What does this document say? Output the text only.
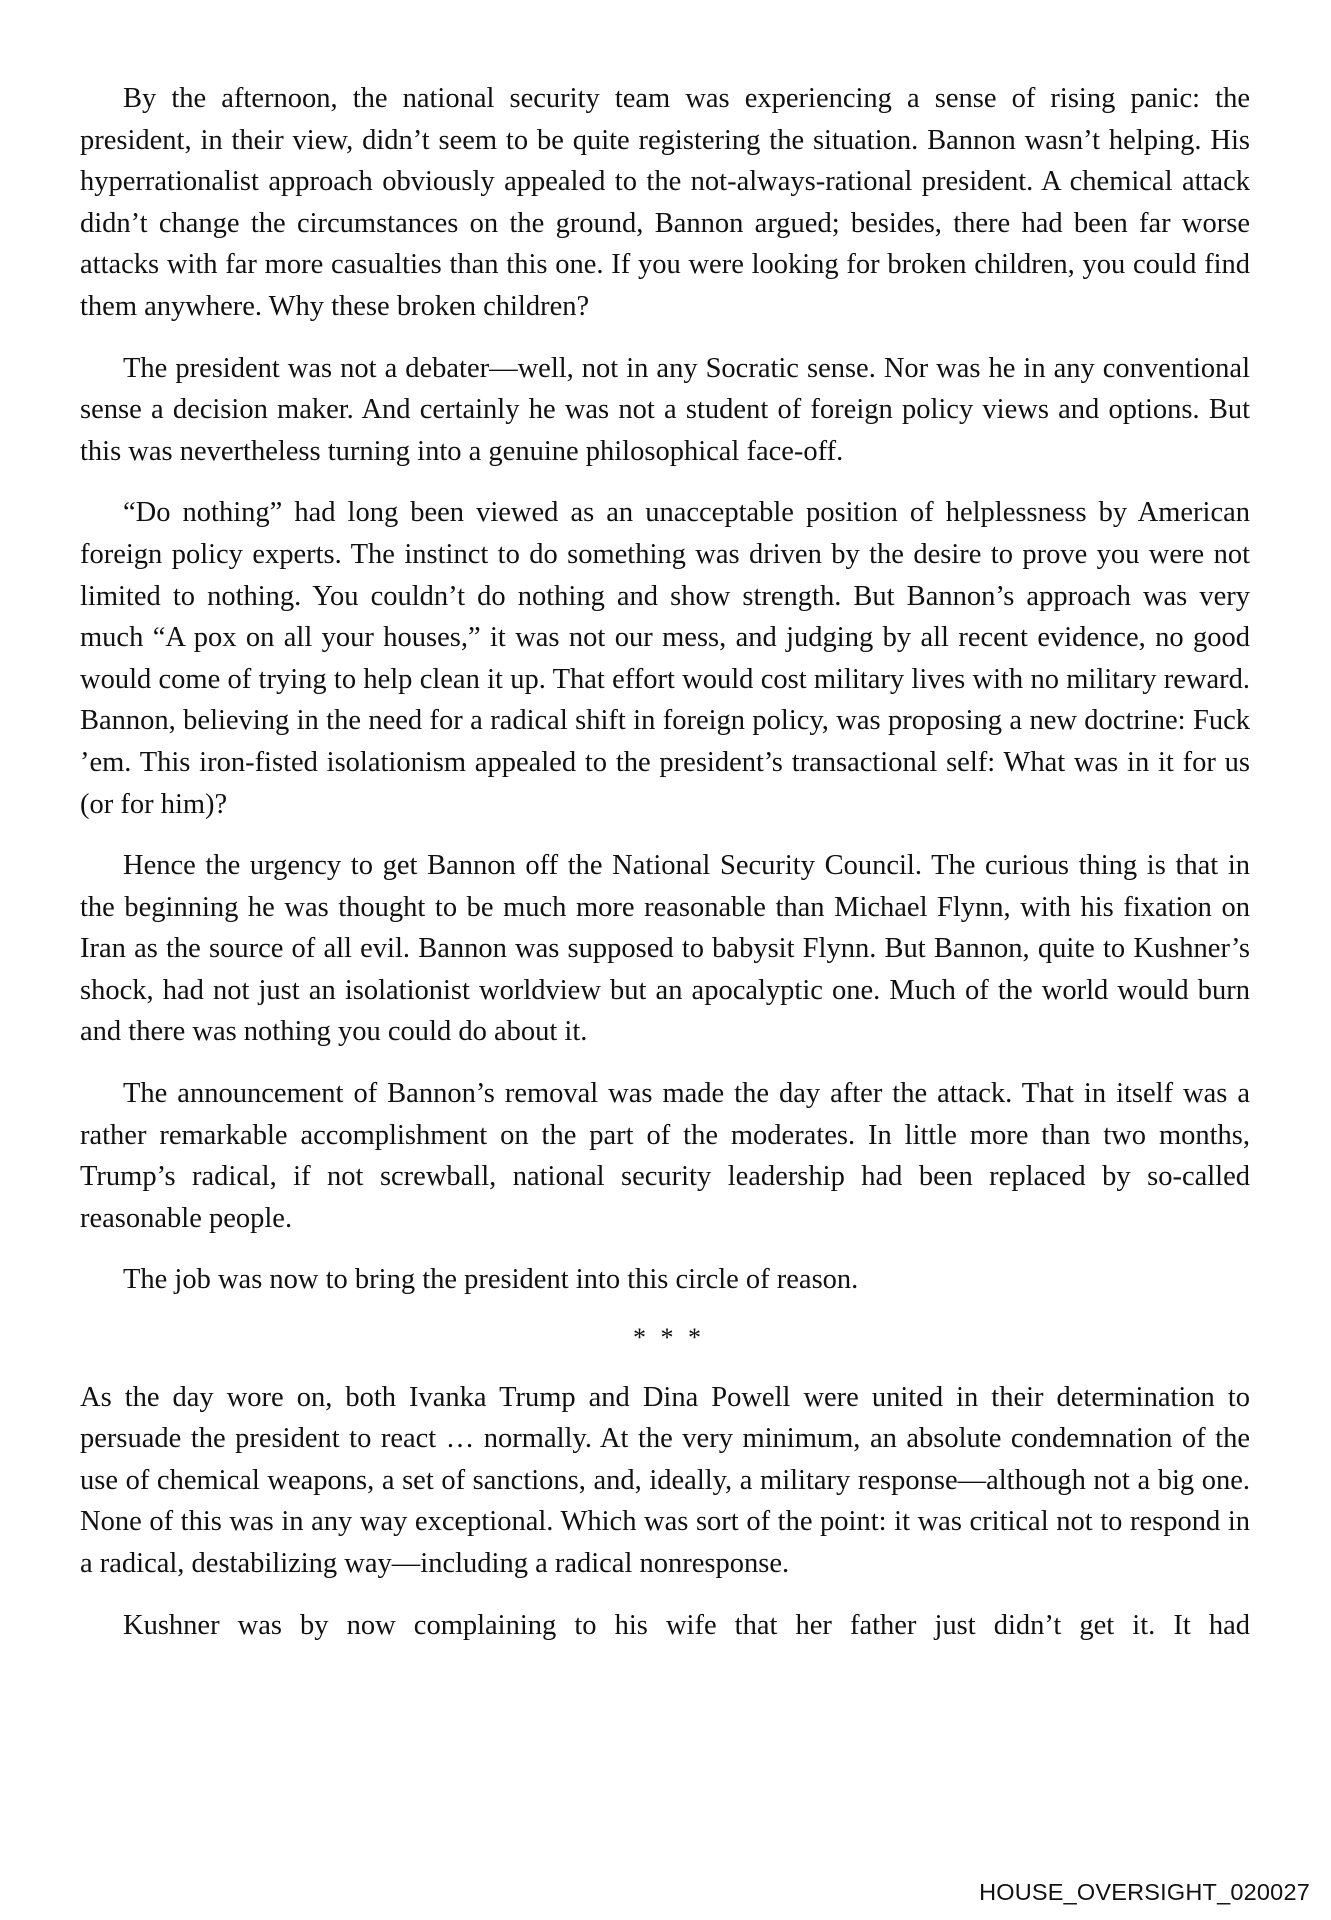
By the afternoon, the national security team was experiencing a sense of rising panic: the president, in their view, didn’t seem to be quite registering the situation. Bannon wasn’t helping. His hyperrationalist approach obviously appealed to the not-always-rational president. A chemical attack didn’t change the circumstances on the ground, Bannon argued; besides, there had been far worse attacks with far more casualties than this one. If you were looking for broken children, you could find them anywhere. Why these broken children?

The president was not a debater—well, not in any Socratic sense. Nor was he in any conventional sense a decision maker. And certainly he was not a student of foreign policy views and options. But this was nevertheless turning into a genuine philosophical face-off.

“Do nothing” had long been viewed as an unacceptable position of helplessness by American foreign policy experts. The instinct to do something was driven by the desire to prove you were not limited to nothing. You couldn’t do nothing and show strength. But Bannon’s approach was very much “A pox on all your houses,” it was not our mess, and judging by all recent evidence, no good would come of trying to help clean it up. That effort would cost military lives with no military reward. Bannon, believing in the need for a radical shift in foreign policy, was proposing a new doctrine: Fuck ’em. This iron-fisted isolationism appealed to the president’s transactional self: What was in it for us (or for him)?

Hence the urgency to get Bannon off the National Security Council. The curious thing is that in the beginning he was thought to be much more reasonable than Michael Flynn, with his fixation on Iran as the source of all evil. Bannon was supposed to babysit Flynn. But Bannon, quite to Kushner’s shock, had not just an isolationist worldview but an apocalyptic one. Much of the world would burn and there was nothing you could do about it.

The announcement of Bannon’s removal was made the day after the attack. That in itself was a rather remarkable accomplishment on the part of the moderates. In little more than two months, Trump’s radical, if not screwball, national security leadership had been replaced by so-called reasonable people.

The job was now to bring the president into this circle of reason.

* * *

As the day wore on, both Ivanka Trump and Dina Powell were united in their determination to persuade the president to react … normally. At the very minimum, an absolute condemnation of the use of chemical weapons, a set of sanctions, and, ideally, a military response—although not a big one. None of this was in any way exceptional. Which was sort of the point: it was critical not to respond in a radical, destabilizing way—including a radical nonresponse.

Kushner was by now complaining to his wife that her father just didn’t get it. It had

HOUSE_OVERSIGHT_020027
